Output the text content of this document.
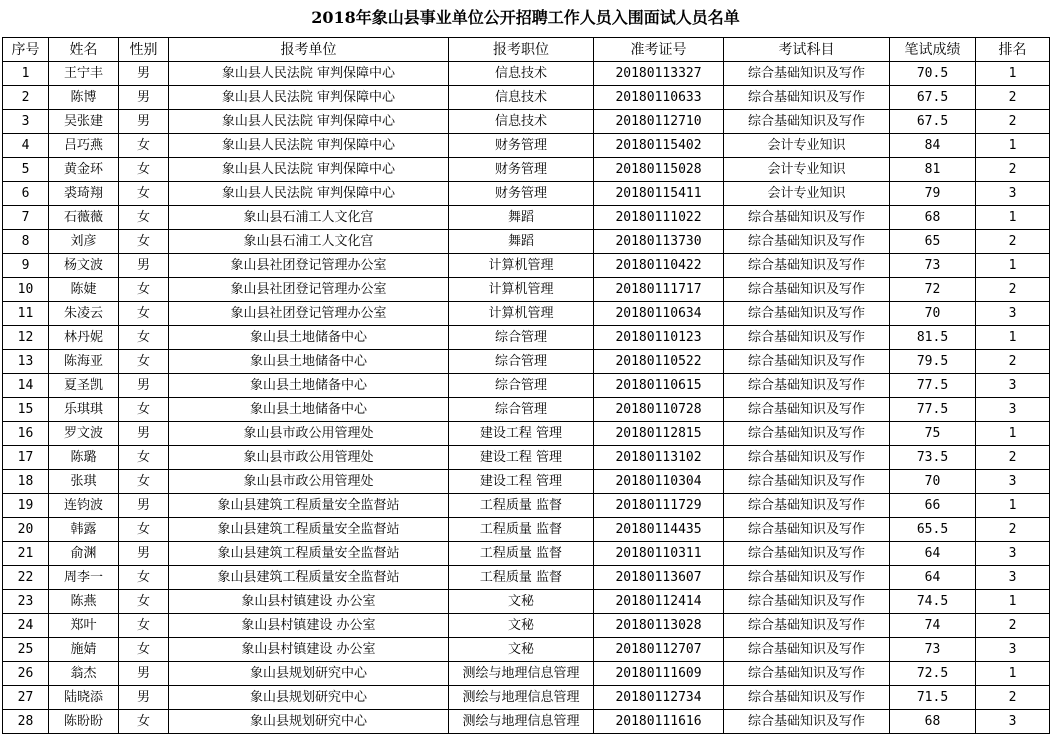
2018年象山县事业单位公开招聘工作人员入围面试人员名单
序号	姓名	性别	报考单位	报考职位	准考证号	考试科目	笔试成绩	排名
1	王宁丰	男	象山县人民法院 审判保障中心	信息技术	20180113327	综合基础知识及写作	70.5	1
2	陈博	男	象山县人民法院 审判保障中心	信息技术	20180110633	综合基础知识及写作	67.5	2
3	吴张建	男	象山县人民法院 审判保障中心	信息技术	20180112710	综合基础知识及写作	67.5	2
4	吕巧燕	女	象山县人民法院 审判保障中心	财务管理	20180115402	会计专业知识	84	1
5	黄金环	女	象山县人民法院 审判保障中心	财务管理	20180115028	会计专业知识	81	2
6	裘琦翔	女	象山县人民法院 审判保障中心	财务管理	20180115411	会计专业知识	79	3
7	石薇薇	女	象山县石浦工人文化宫	舞蹈	20180111022	综合基础知识及写作	68	1
8	刘彦	女	象山县石浦工人文化宫	舞蹈	20180113730	综合基础知识及写作	65	2
9	杨文波	男	象山县社团登记管理办公室	计算机管理	20180110422	综合基础知识及写作	73	1
10	陈婕	女	象山县社团登记管理办公室	计算机管理	20180111717	综合基础知识及写作	72	2
11	朱凌云	女	象山县社团登记管理办公室	计算机管理	20180110634	综合基础知识及写作	70	3
12	林丹妮	女	象山县土地储备中心	综合管理	20180110123	综合基础知识及写作	81.5	1
13	陈海亚	女	象山县土地储备中心	综合管理	20180110522	综合基础知识及写作	79.5	2
14	夏圣凯	男	象山县土地储备中心	综合管理	20180110615	综合基础知识及写作	77.5	3
15	乐琪琪	女	象山县土地储备中心	综合管理	20180110728	综合基础知识及写作	77.5	3
16	罗文波	男	象山县市政公用管理处	建设工程 管理	20180112815	综合基础知识及写作	75	1
17	陈璐	女	象山县市政公用管理处	建设工程 管理	20180113102	综合基础知识及写作	73.5	2
18	张琪	女	象山县市政公用管理处	建设工程 管理	20180110304	综合基础知识及写作	70	3
19	连钧波	男	象山县建筑工程质量安全监督站	工程质量 监督	20180111729	综合基础知识及写作	66	1
20	韩露	女	象山县建筑工程质量安全监督站	工程质量 监督	20180114435	综合基础知识及写作	65.5	2
21	俞渊	男	象山县建筑工程质量安全监督站	工程质量 监督	20180110311	综合基础知识及写作	64	3
22	周李一	女	象山县建筑工程质量安全监督站	工程质量 监督	20180113607	综合基础知识及写作	64	3
23	陈燕	女	象山县村镇建设 办公室	文秘	20180112414	综合基础知识及写作	74.5	1
24	郑叶	女	象山县村镇建设 办公室	文秘	20180113028	综合基础知识及写作	74	2
25	施婧	女	象山县村镇建设 办公室	文秘	20180112707	综合基础知识及写作	73	3
26	翁杰	男	象山县规划研究中心	测绘与地理信息管理	20180111609	综合基础知识及写作	72.5	1
27	陆晓添	男	象山县规划研究中心	测绘与地理信息管理	20180112734	综合基础知识及写作	71.5	2
28	陈盼盼	女	象山县规划研究中心	测绘与地理信息管理	20180111616	综合基础知识及写作	68	3
